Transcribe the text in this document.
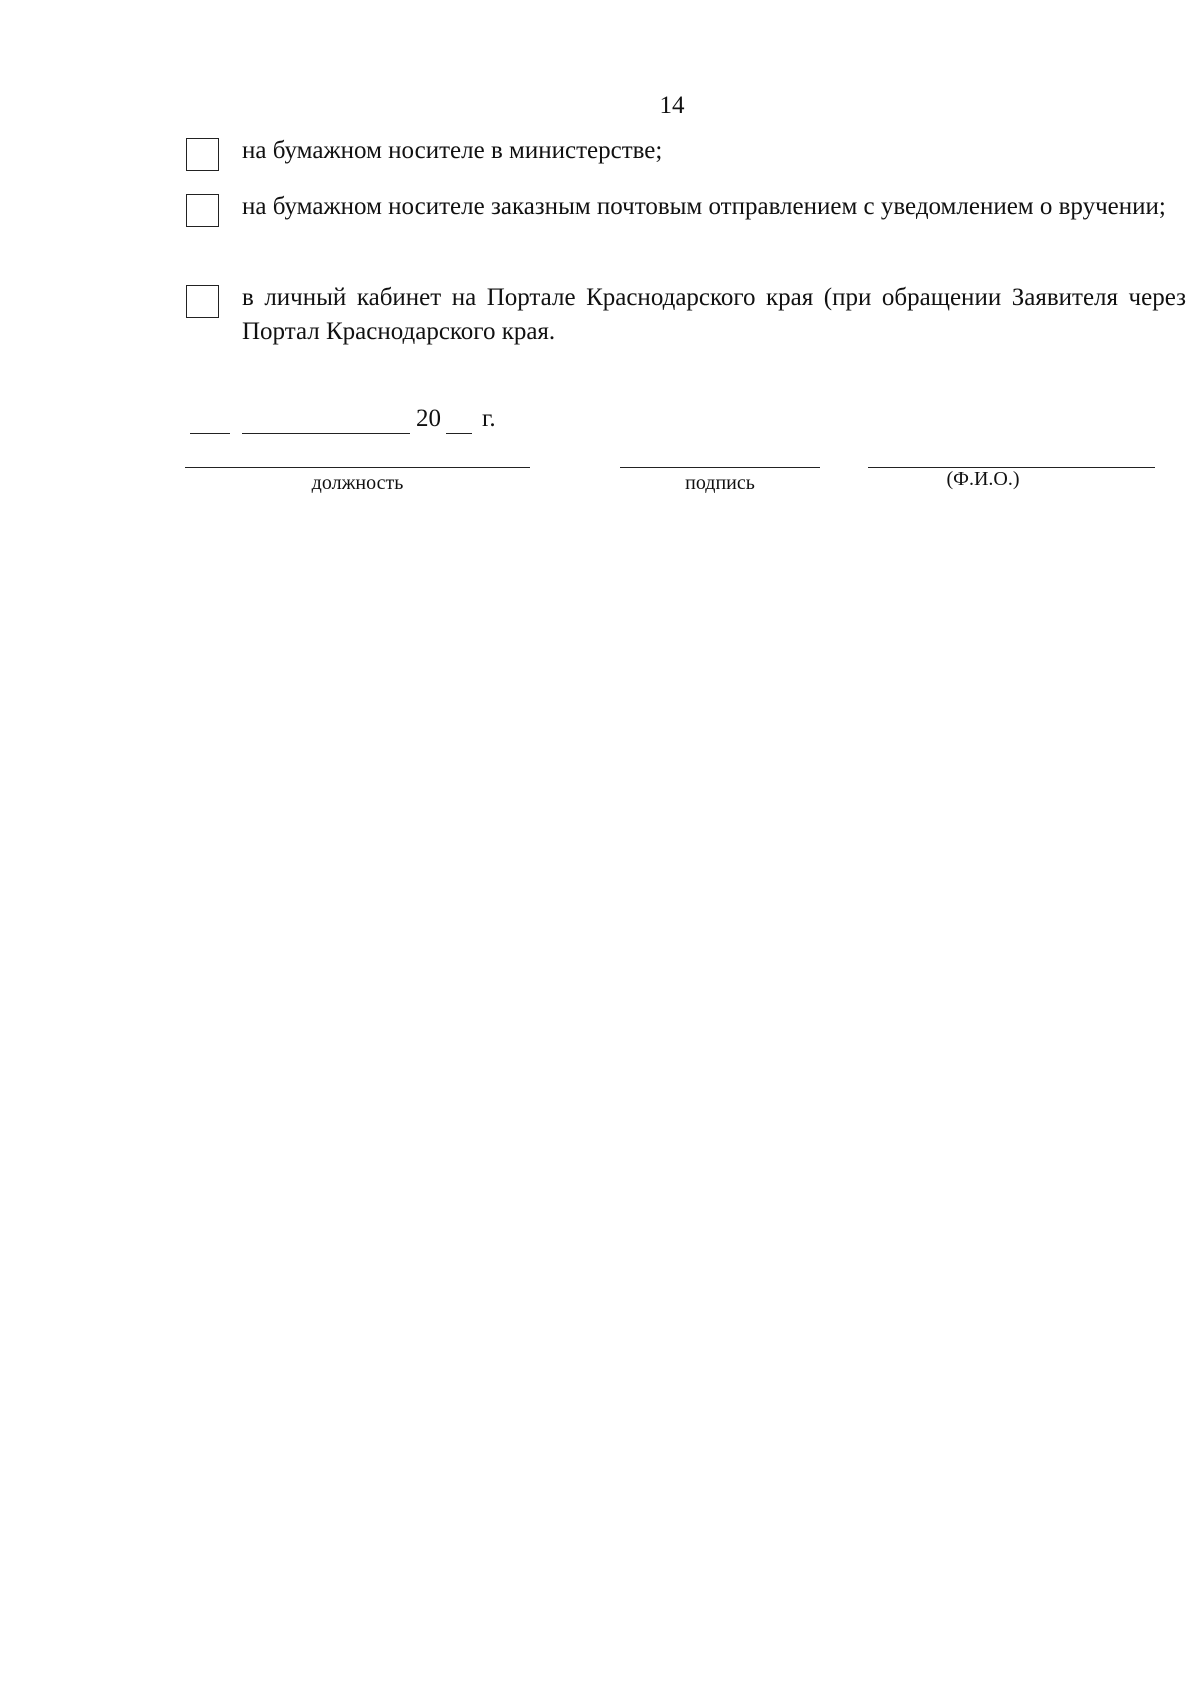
14
на бумажном носителе в министерстве;
на бумажном носителе заказным почтовым отправлением с уведомлением о вручении;
в личный кабинет на Портале Краснодарского края (при обращении Заявителя через Портал Краснодарского края.
20 г.
должность	подпись	(Ф.И.О.)
